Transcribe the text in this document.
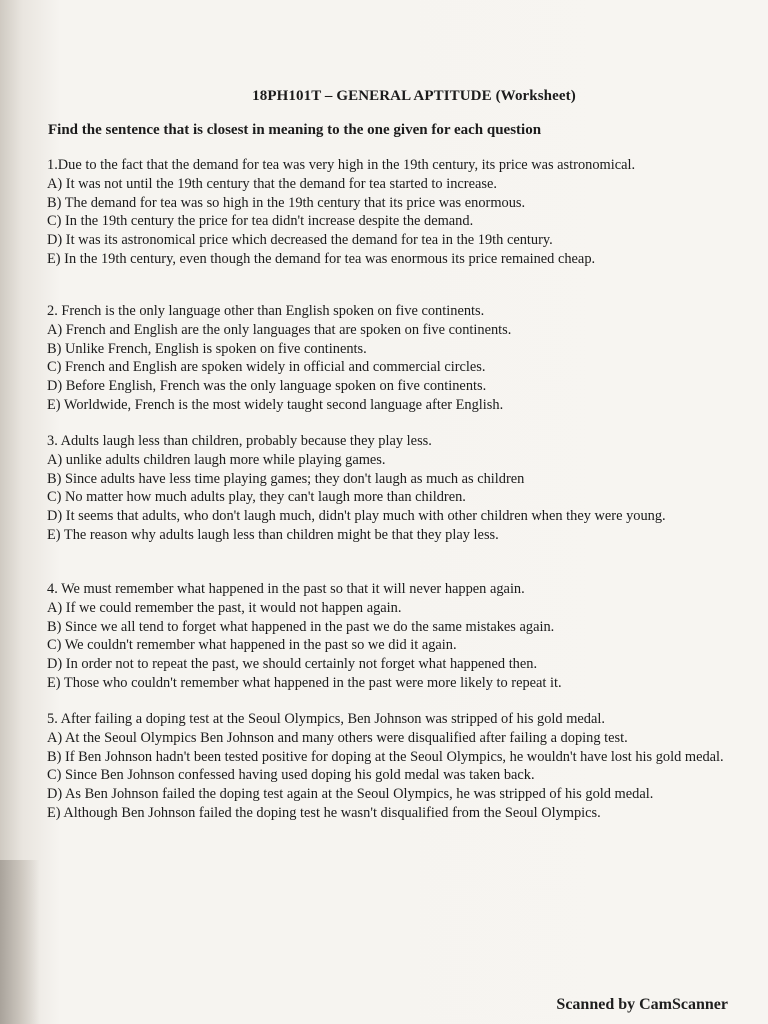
18PH101T – GENERAL APTITUDE (Worksheet)
Find the sentence that is closest in meaning to the one given for each question

1.Due to the fact that the demand for tea was very high in the 19th century, its price was astronomical.

A) It was not until the 19th century that the demand for tea started to increase.

B) The demand for tea was so high in the 19th century that its price was enormous.

C) In the 19th century the price for tea didn't increase despite the demand.

D) It was its astronomical price which decreased the demand for tea in the 19th century.

E) In the 19th century, even though the demand for tea was enormous its price remained cheap.

2. French is the only language other than English spoken on five continents.

A) French and English are the only languages that are spoken on five continents.

B) Unlike French, English is spoken on five continents.

C) French and English are spoken widely in official and commercial circles.

D) Before English, French was the only language spoken on five continents.

E) Worldwide, French is the most widely taught second language after English.

3. Adults laugh less than children, probably because they play less.

A) unlike adults children laugh more while playing games.

B) Since adults have less time playing games; they don't laugh as much as children

C) No matter how much adults play, they can't laugh more than children.

D) It seems that adults, who don't laugh much, didn't play much with other children when they were young.

E) The reason why adults laugh less than children might be that they play less.

4. We must remember what happened in the past so that it will never happen again.

A) If we could remember the past, it would not happen again.

B) Since we all tend to forget what happened in the past we do the same mistakes again.

C) We couldn't remember what happened in the past so we did it again.

D) In order not to repeat the past, we should certainly not forget what happened then.

E) Those who couldn't remember what happened in the past were more likely to repeat it.

5. After failing a doping test at the Seoul Olympics, Ben Johnson was stripped of his gold medal.

A) At the Seoul Olympics Ben Johnson and many others were disqualified after failing a doping test.

B) If Ben Johnson hadn't been tested positive for doping at the Seoul Olympics, he wouldn't have lost his gold medal.

C) Since Ben Johnson confessed having used doping his gold medal was taken back.

D) As Ben Johnson failed the doping test again at the Seoul Olympics, he was stripped of his gold medal.

E) Although Ben Johnson failed the doping test he wasn't disqualified from the Seoul Olympics.

Scanned by CamScanner
